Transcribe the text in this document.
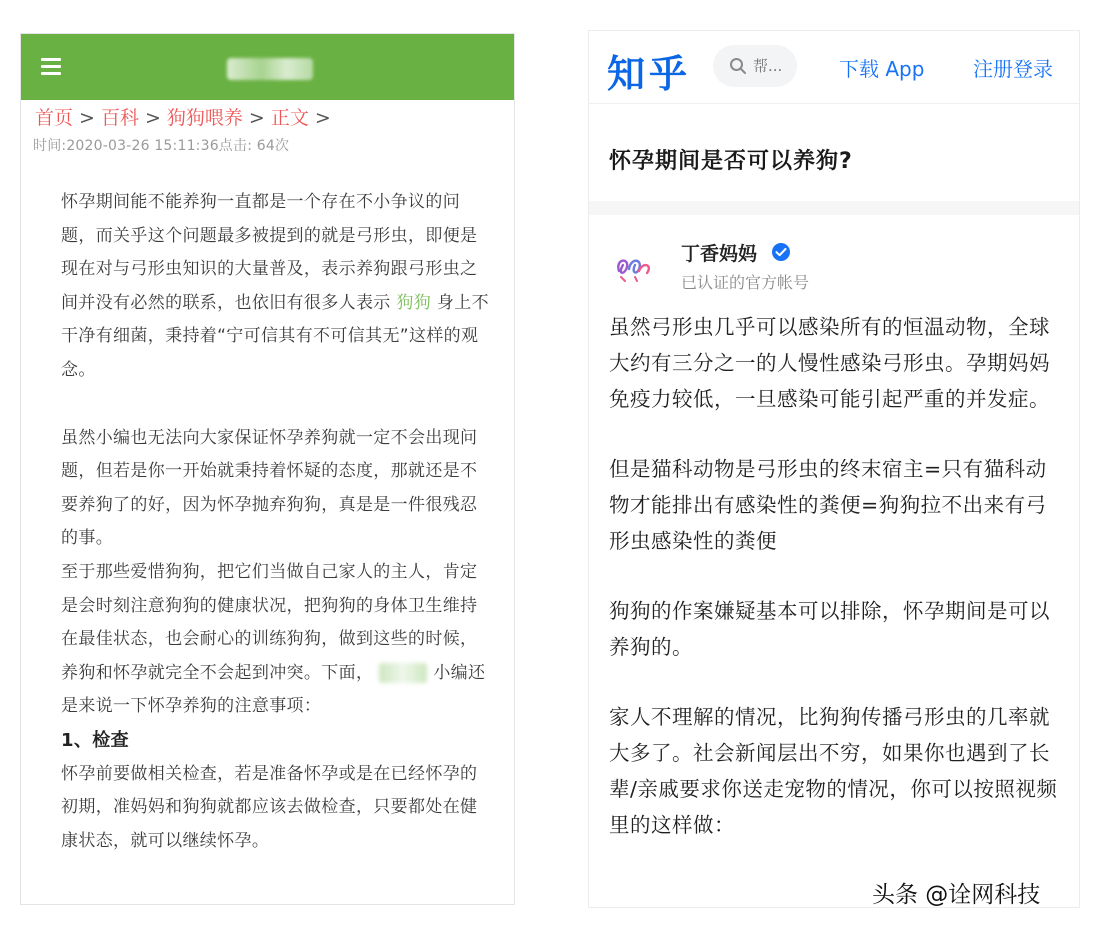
首页 > 百科 > 狗狗喂养 > 正文 >
时间:2020-03-26 15:11:36点击: 64次

怀孕期间能不能养狗一直都是一个存在不小争议的问题，而关乎这个问题最多被提到的就是弓形虫，即便是现在对与弓形虫知识的大量普及，表示养狗跟弓形虫之间并没有必然的联系，也依旧有很多人表示 狗狗 身上不干净有细菌，秉持着“宁可信其有不可信其无”这样的观念。

虽然小编也无法向大家保证怀孕养狗就一定不会出现问题，但若是你一开始就秉持着怀疑的态度，那就还是不要养狗了的好，因为怀孕抛弃狗狗，真是是一件很残忍的事。

至于那些爱惜狗狗，把它们当做自己家人的主人，肯定是会时刻注意狗狗的健康状况，把狗狗的身体卫生维持在最佳状态，也会耐心的训练狗狗，做到这些的时候，养狗和怀孕就完全不会起到冲突。下面，	小编还是来说一下怀孕养狗的注意事项：

1、检查

怀孕前要做相关检查，若是准备怀孕或是在已经怀孕的初期，准妈妈和狗狗就都应该去做检查，只要都处在健康状态，就可以继续怀孕。

知乎
帮...	下载 App 注册登录
怀孕期间是否可以养狗?
丁香妈妈
已认证的官方帐号

虽然弓形虫几乎可以感染所有的恒温动物，全球大约有三分之一的人慢性感染弓形虫。孕期妈妈免疫力较低，一旦感染可能引起严重的并发症。

但是猫科动物是弓形虫的终末宿主=只有猫科动物才能排出有感染性的粪便=狗狗拉不出来有弓形虫感染性的粪便

狗狗的作案嫌疑基本可以排除，怀孕期间是可以养狗的。

家人不理解的情况，比狗狗传播弓形虫的几率就大多了。社会新闻层出不穷，如果你也遇到了长辈/亲戚要求你送走宠物的情况，你可以按照视频里的这样做：

头条 @诠网科技
